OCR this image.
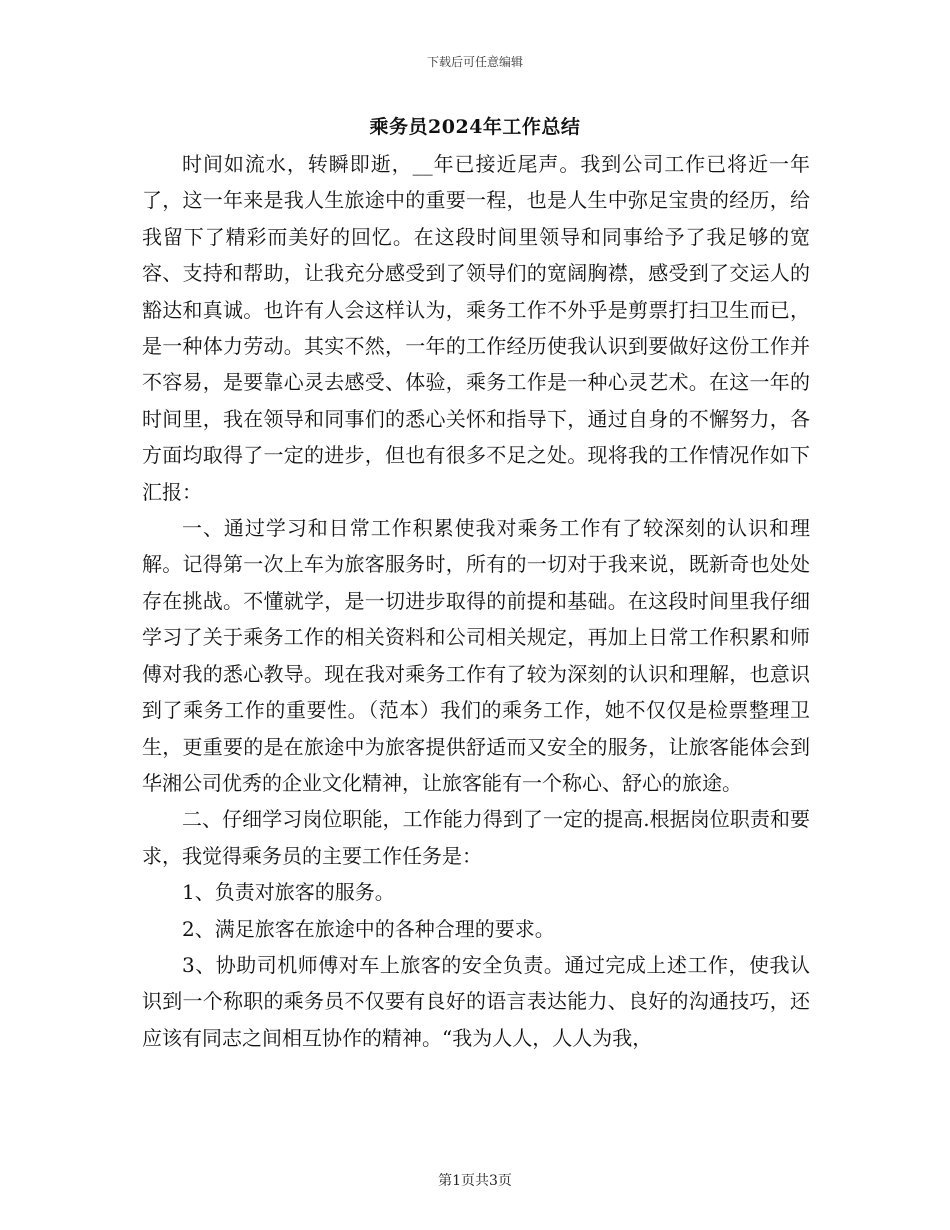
下载后可任意编辑
乘务员2024年工作总结

时间如流水，转瞬即逝，__年已接近尾声。我到公司工作已将近一年了，这一年来是我人生旅途中的重要一程，也是人生中弥足宝贵的经历，给我留下了精彩而美好的回忆。在这段时间里领导和同事给予了我足够的宽容、支持和帮助，让我充分感受到了领导们的宽阔胸襟，感受到了交运人的豁达和真诚。也许有人会这样认为，乘务工作不外乎是剪票打扫卫生而已，是一种体力劳动。其实不然，一年的工作经历使我认识到要做好这份工作并不容易，是要靠心灵去感受、体验，乘务工作是一种心灵艺术。在这一年的时间里，我在领导和同事们的悉心关怀和指导下，通过自身的不懈努力，各方面均取得了一定的进步，但也有很多不足之处。现将我的工作情况作如下汇报：

一、通过学习和日常工作积累使我对乘务工作有了较深刻的认识和理解。记得第一次上车为旅客服务时，所有的一切对于我来说，既新奇也处处存在挑战。不懂就学，是一切进步取得的前提和基础。在这段时间里我仔细学习了关于乘务工作的相关资料和公司相关规定，再加上日常工作积累和师傅对我的悉心教导。现在我对乘务工作有了较为深刻的认识和理解，也意识到了乘务工作的重要性。（范本）我们的乘务工作，她不仅仅是检票整理卫生，更重要的是在旅途中为旅客提供舒适而又安全的服务，让旅客能体会到华湘公司优秀的企业文化精神，让旅客能有一个称心、舒心的旅途。

二、仔细学习岗位职能，工作能力得到了一定的提高.根据岗位职责和要求，我觉得乘务员的主要工作任务是：

1、负责对旅客的服务。

2、满足旅客在旅途中的各种合理的要求。

3、协助司机师傅对车上旅客的安全负责。通过完成上述工作，使我认识到一个称职的乘务员不仅要有良好的语言表达能力、良好的沟通技巧，还应该有同志之间相互协作的精神。“我为人人，人人为我，

第1页共3页
